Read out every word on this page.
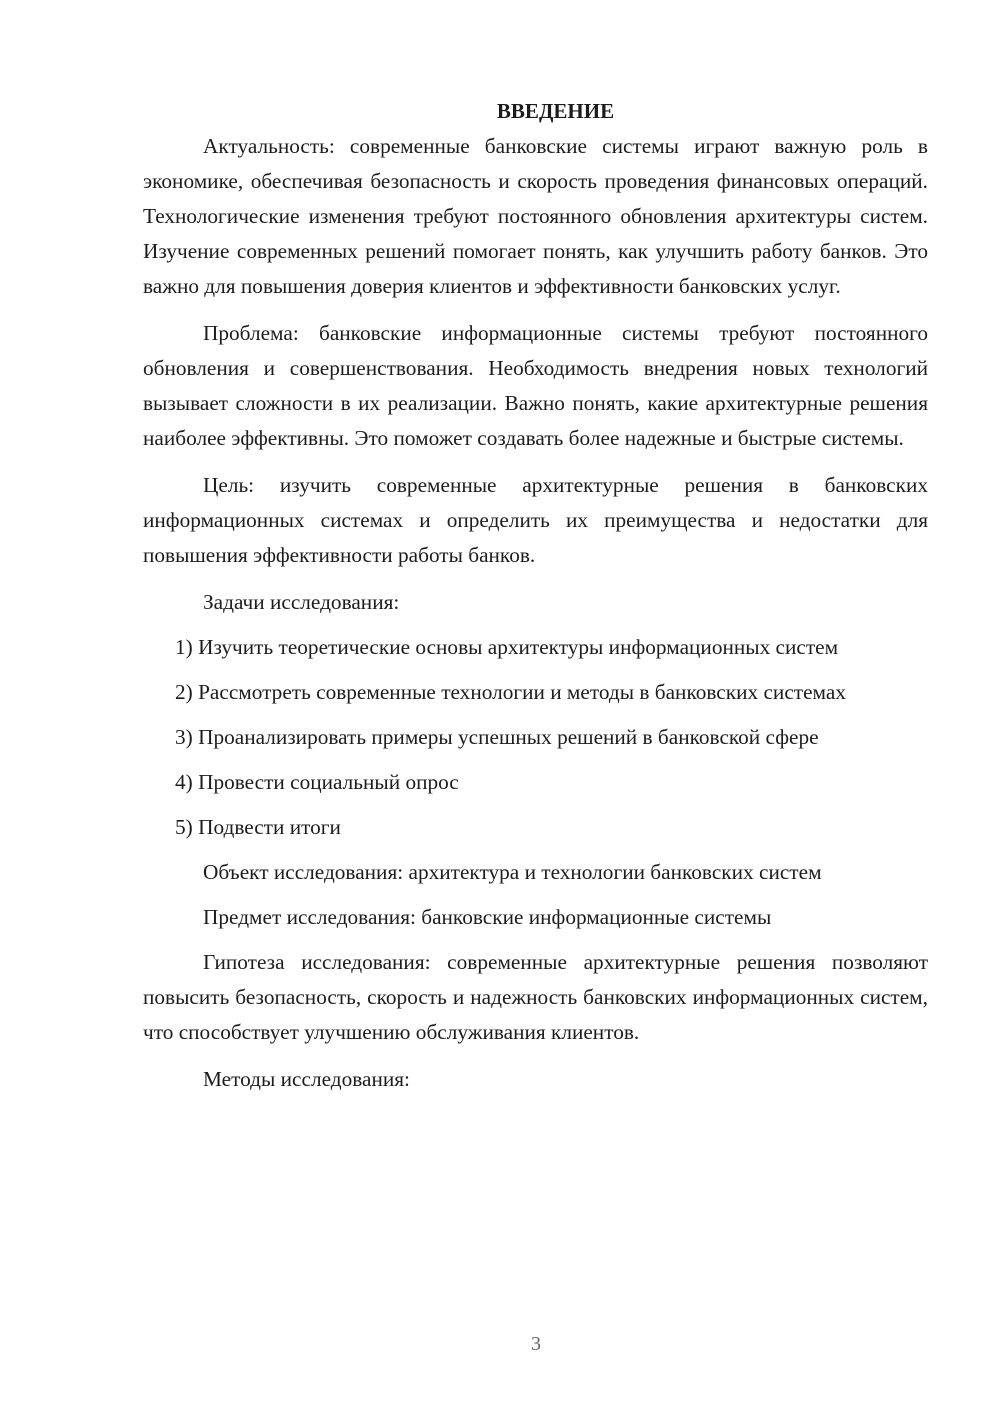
ВВЕДЕНИЕ

Актуальность: современные банковские системы играют важную роль в экономике, обеспечивая безопасность и скорость проведения финансовых операций. Технологические изменения требуют постоянного обновления архитектуры систем. Изучение современных решений помогает понять, как улучшить работу банков. Это важно для повышения доверия клиентов и эффективности банковских услуг.

Проблема: банковские информационные системы требуют постоянного обновления и совершенствования. Необходимость внедрения новых технологий вызывает сложности в их реализации. Важно понять, какие архитектурные решения наиболее эффективны. Это поможет создавать более надежные и быстрые системы.

Цель: изучить современные архитектурные решения в банковских информационных системах и определить их преимущества и недостатки для повышения эффективности работы банков.

Задачи исследования:

1) Изучить теоретические основы архитектуры информационных систем

2) Рассмотреть современные технологии и методы в банковских системах

3) Проанализировать примеры успешных решений в банковской сфере

4) Провести социальный опрос

5) Подвести итоги

Объект исследования: архитектура и технологии банковских систем

Предмет исследования: банковские информационные системы

Гипотеза исследования: современные архитектурные решения позволяют повысить безопасность, скорость и надежность банковских информационных систем, что способствует улучшению обслуживания клиентов.

Методы исследования:

3
